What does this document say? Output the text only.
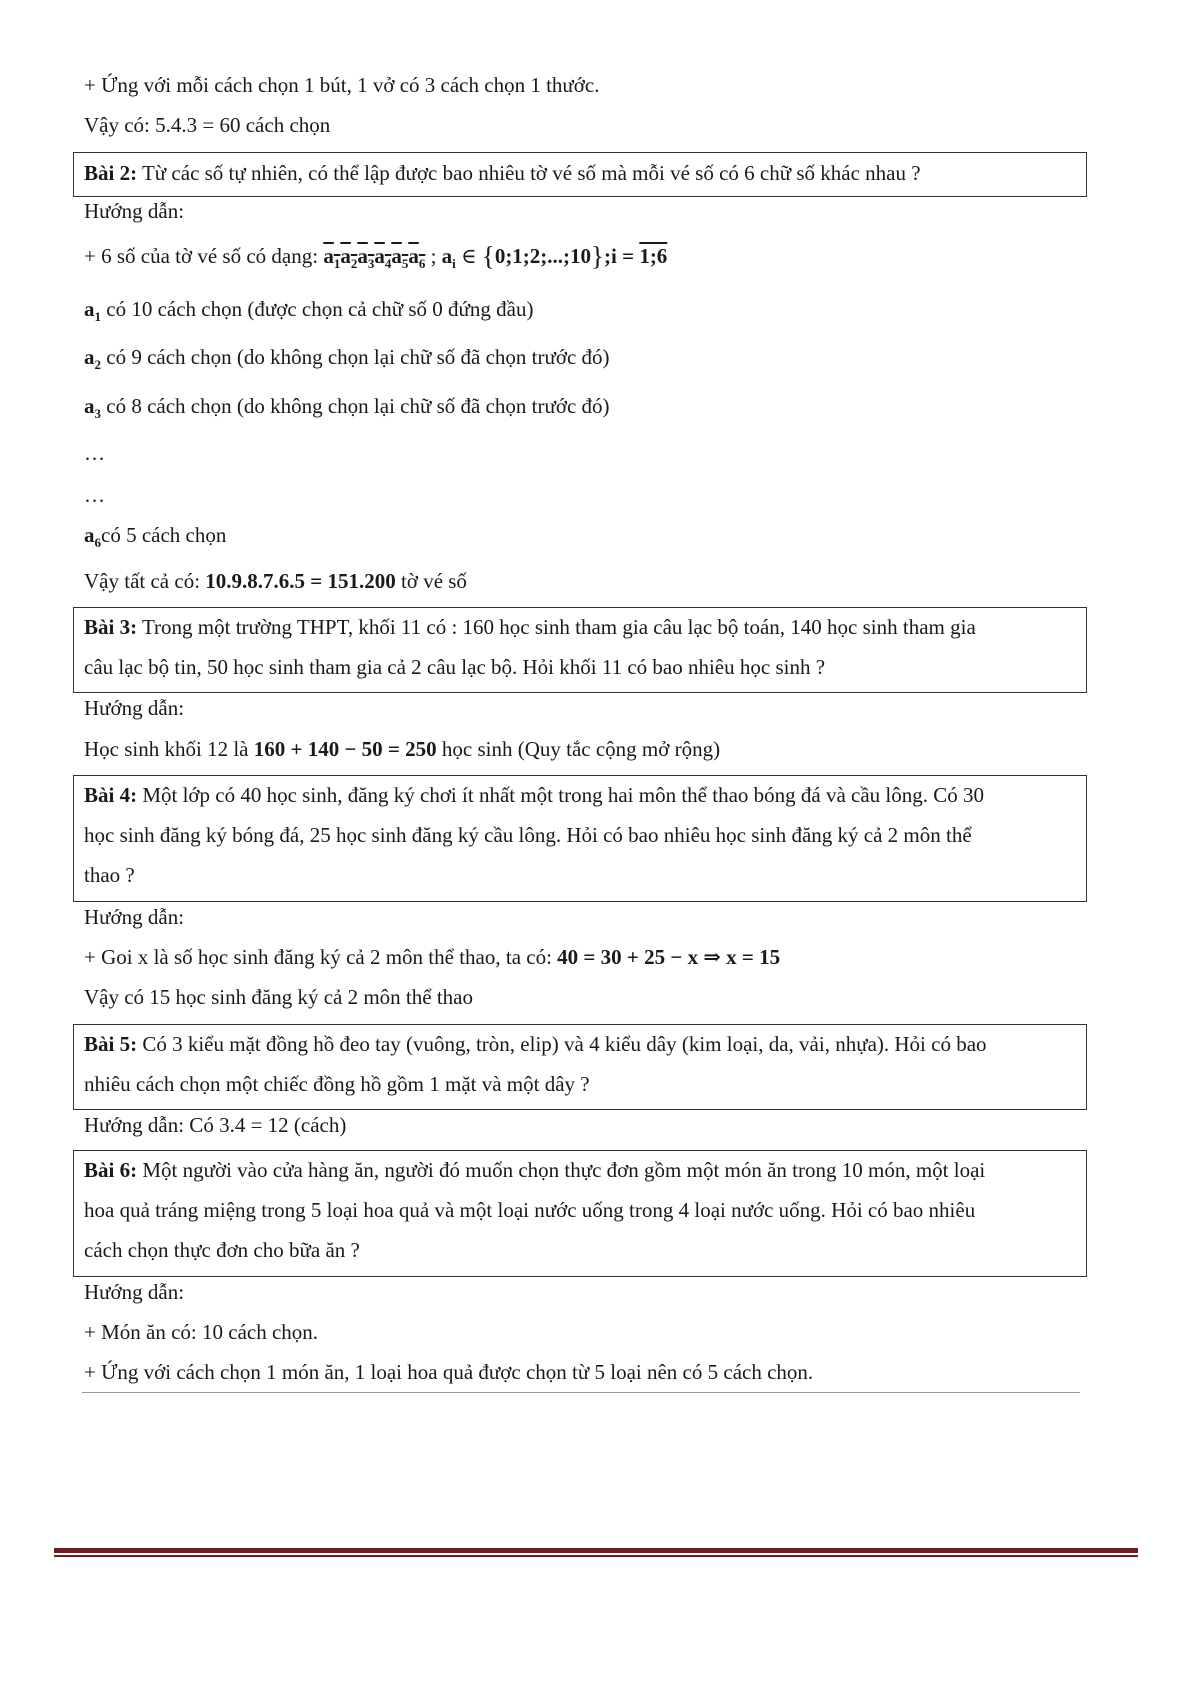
+ Ứng với mỗi cách chọn 1 bút, 1 vở có 3 cách chọn 1 thước.
Vậy có: 5.4.3 = 60 cách chọn
Bài 2: Từ các số tự nhiên, có thể lập được bao nhiêu tờ vé số mà mỗi vé số có 6 chữ số khác nhau ?
Hướng dẫn:
+ 6 số của tờ vé số có dạng: $a_1a_2a_3a_4a_5a_6$ ; $a_i$ ∈ {0;1;2;...;10};i = 1;6
$a_1$ có 10 cách chọn (được chọn cả chữ số 0 đứng đầu)
$a_2$ có 9 cách chọn (do không chọn lại chữ số đã chọn trước đó)
$a_3$ có 8 cách chọn (do không chọn lại chữ số đã chọn trước đó)
…
…
$a_6có$ 5 cách chọn
Vậy tất cả có: 10.9.8.7.6.5 = 151.200 tờ vé số
Bài 3: Trong một trường THPT, khối 11 có : 160 học sinh tham gia câu lạc bộ toán, 140 học sinh tham gia
câu lạc bộ tin, 50 học sinh tham gia cả 2 câu lạc bộ. Hỏi khối 11 có bao nhiêu học sinh ?
Hướng dẫn:
Học sinh khối 12 là 160 + 140 − 50 = 250 học sinh (Quy tắc cộng mở rộng)
Bài 4: Một lớp có 40 học sinh, đăng ký chơi ít nhất một trong hai môn thể thao bóng đá và cầu lông. Có 30
học sinh đăng ký bóng đá, 25 học sinh đăng ký cầu lông. Hỏi có bao nhiêu học sinh đăng ký cả 2 môn thể
thao ?
Hướng dẫn:
+ Goi x là số học sinh đăng ký cả 2 môn thể thao, ta có: 40 = 30 + 25 − x ⇒ x = 15
Vậy có 15 học sinh đăng ký cả 2 môn thể thao
Bài 5: Có 3 kiểu mặt đồng hồ đeo tay (vuông, tròn, elip) và 4 kiểu dây (kim loại, da, vải, nhựa). Hỏi có bao
nhiêu cách chọn một chiếc đồng hồ gồm 1 mặt và một dây ?
Hướng dẫn: Có 3.4 = 12 (cách)
Bài 6: Một người vào cửa hàng ăn, người đó muốn chọn thực đơn gồm một món ăn trong 10 món, một loại
hoa quả tráng miệng trong 5 loại hoa quả và một loại nước uống trong 4 loại nước uống. Hỏi có bao nhiêu
cách chọn thực đơn cho bữa ăn ?
Hướng dẫn:
+ Món ăn có: 10 cách chọn.
+ Ứng với cách chọn 1 món ăn, 1 loại hoa quả được chọn từ 5 loại nên có 5 cách chọn.
